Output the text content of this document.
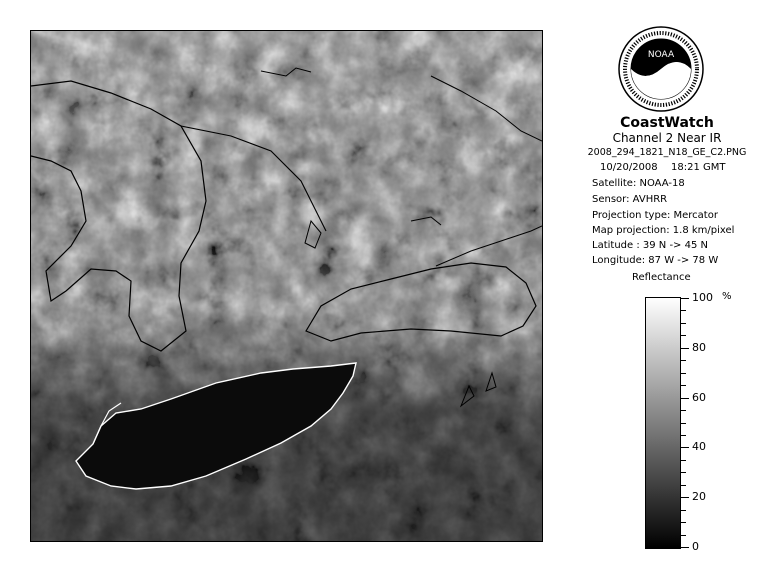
NOAA
CoastWatch
Channel 2 Near IR
2008_294_1821_N18_GE_C2.PNG
10/20/2008 18:21 GMT
Satellite: NOAA-18
Sensor: AVHRR
Projection type: Mercator
Map projection: 1.8 km/pixel
Latitude : 39 N -> 45 N
Longitude: 87 W -> 78 W
Reflectance
100
80
60
40
20
0
%
